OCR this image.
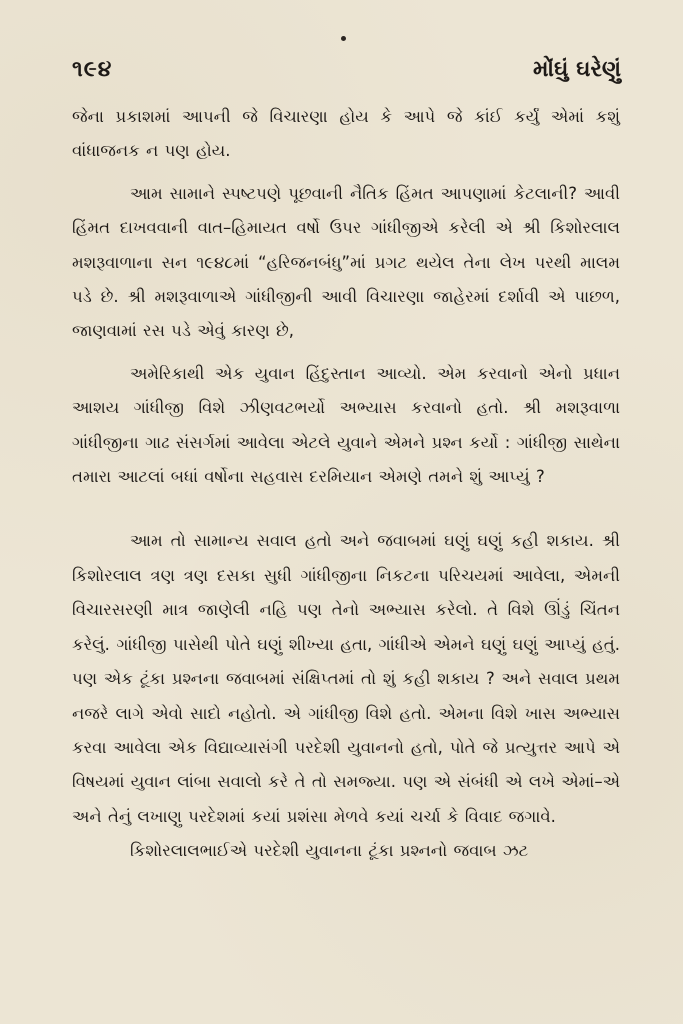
૧૯૪	મોંઘું ઘરેણું

જેના પ્રકાશમાં આપની જે વિચારણા હોય કે આપે જે કાંઈ કર્યું એમાં કશું વાંધાજનક ન પણ હોય.

આમ સામાને સ્પષ્ટપણે પૂછવાની નૈતિક હિંમત આપણામાં કેટલાની? આવી હિંમત દાખવવાની વાત–હિમાયત વર્ષો ઉપર ગાંધીજીએ કરેલી એ શ્રી કિશોરલાલ મશરૂવાળાના સન ૧૯૪૮માં “હરિજનબંધુ”માં પ્રગટ થયેલ તેના લેખ પરથી માલમ પડે છે. શ્રી મશરૂવાળાએ ગાંધીજીની આવી વિચારણા જાહેરમાં દર્શાવી એ પાછળ, જાણવામાં રસ પડે એવું કારણ છે,

અમેરિકાથી એક યુવાન હિંદુસ્તાન આવ્યો. એમ કરવાનો એનો પ્રધાન આશય ગાંધીજી વિશે ઝીણવટભર્યો અભ્યાસ કરવાનો હતો. શ્રી મશરૂવાળા ગાંધીજીના ગાઢ સંસર્ગમાં આવેલા એટલે યુવાને એમને પ્રશ્ન કર્યો : ગાંધીજી સાથેના તમારા આટલાં બધાં વર્ષોના સહવાસ દરમિયાન એમણે તમને શું આપ્યું ?

આમ તો સામાન્ય સવાલ હતો અને જવાબમાં ઘણું ઘણું કહી શકાય. શ્રી કિશોરલાલ ત્રણ ત્રણ દસકા સુધી ગાંધીજીના નિકટના પરિચયમાં આવેલા, એમની વિચારસરણી માત્ર જાણેલી નહિ પણ તેનો અભ્યાસ કરેલો. તે વિશે ઊંડું ચિંતન કરેલું. ગાંધીજી પાસેથી પોતે ઘણું શીખ્યા હતા, ગાંધીએ એમને ઘણું ઘણું આપ્યું હતું. પણ એક ટૂંકા પ્રશ્નના જવાબમાં સંક્ષિપ્તમાં તો શું કહી શકાય ? અને સવાલ પ્રથમ નજરે લાગે એવો સાદો નહોતો. એ ગાંધીજી વિશે હતો. એમના વિશે ખાસ અભ્યાસ કરવા આવેલા એક વિદ્યાવ્યાસંગી પરદેશી યુવાનનો હતો, પોતે જે પ્રત્યુત્તર આપે એ વિષયમાં યુવાન લાંબા સવાલો કરે તે તો સમજ્યા. પણ એ સંબંધી એ લખે એમાં–એ અને તેનું લખાણુ પરદેશમાં કયાં પ્રશંસા મેળવે કયાં ચર્ચા કે વિવાદ જગાવે.

કિશોરલાલભાઈએ પરદેશી યુવાનના ટૂંકા પ્રશ્નનો જવાબ ઝટ
